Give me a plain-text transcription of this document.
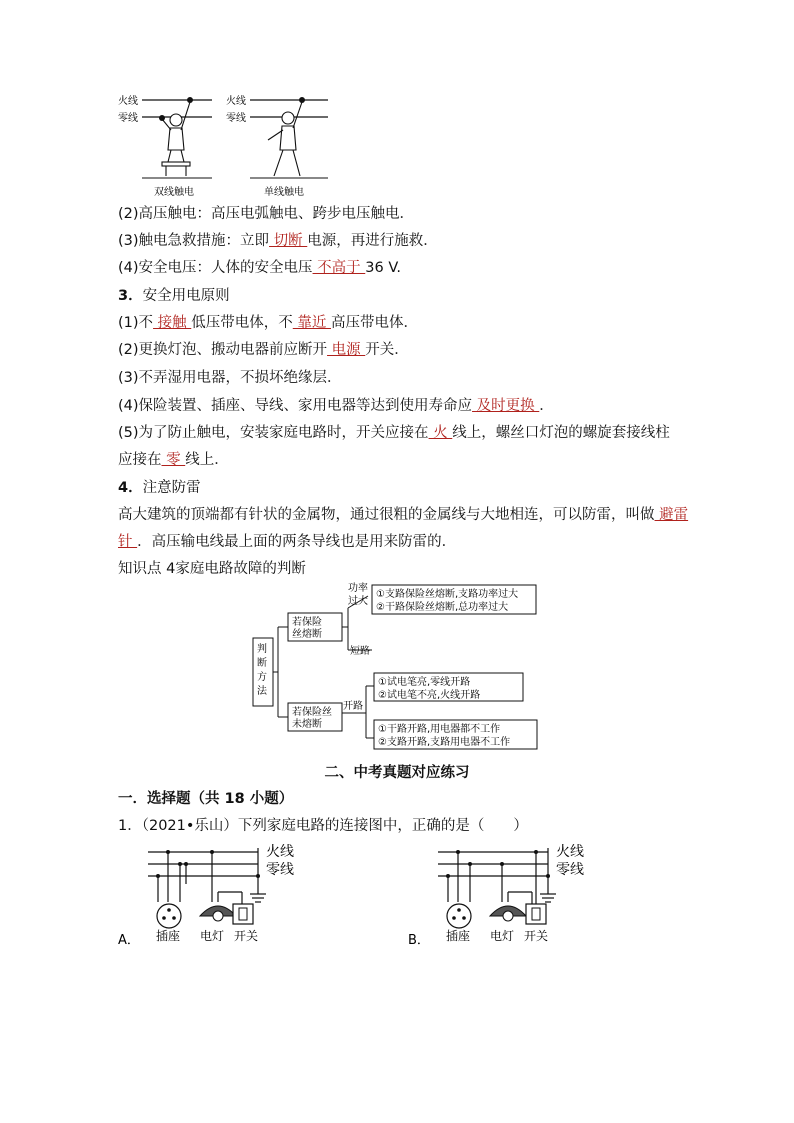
火线
零线
双线触电
火线
零线
单线触电
(2)高压触电：高压电弧触电、跨步电压触电．
(3)触电急救措施：立即 切断 电源，再进行施救．
(4)安全电压：人体的安全电压 不高于 36 V.
3．安全用电原则
(1)不 接触 低压带电体，不 靠近 高压带电体．
(2)更换灯泡、搬动电器前应断开 电源 开关．
(3)不弄湿用电器，不损坏绝缘层．
(4)保险装置、插座、导线、家用电器等达到使用寿命应 及时更换 ．
(5)为了防止触电，安装家庭电路时，开关应接在 火 线上，螺丝口灯泡的螺旋套接线柱
应接在 零 线上．
4．注意防雷
高大建筑的顶端都有针状的金属物，通过很粗的金属线与大地相连，可以防雷，叫做 避雷
针 ．高压输电线最上面的两条导线也是用来防雷的．
知识点 4家庭电路故障的判断
判
断
方
法
若保险
丝熔断
功率
过大
①支路保险丝熔断,支路功率过大
②干路保险丝熔断,总功率过大
短路
若保险丝
未熔断
开路
①试电笔亮,零线开路
②试电笔不亮,火线开路
①干路开路,用电器都不工作
②支路开路,支路用电器不工作
二、中考真题对应练习
一．选择题（共 18 小题）
1．（2021•乐山）下列家庭电路的连接图中，正确的是（　　）
火线
零线
插座 电灯 开关
A．
火线
零线
插座 电灯 开关
B．
